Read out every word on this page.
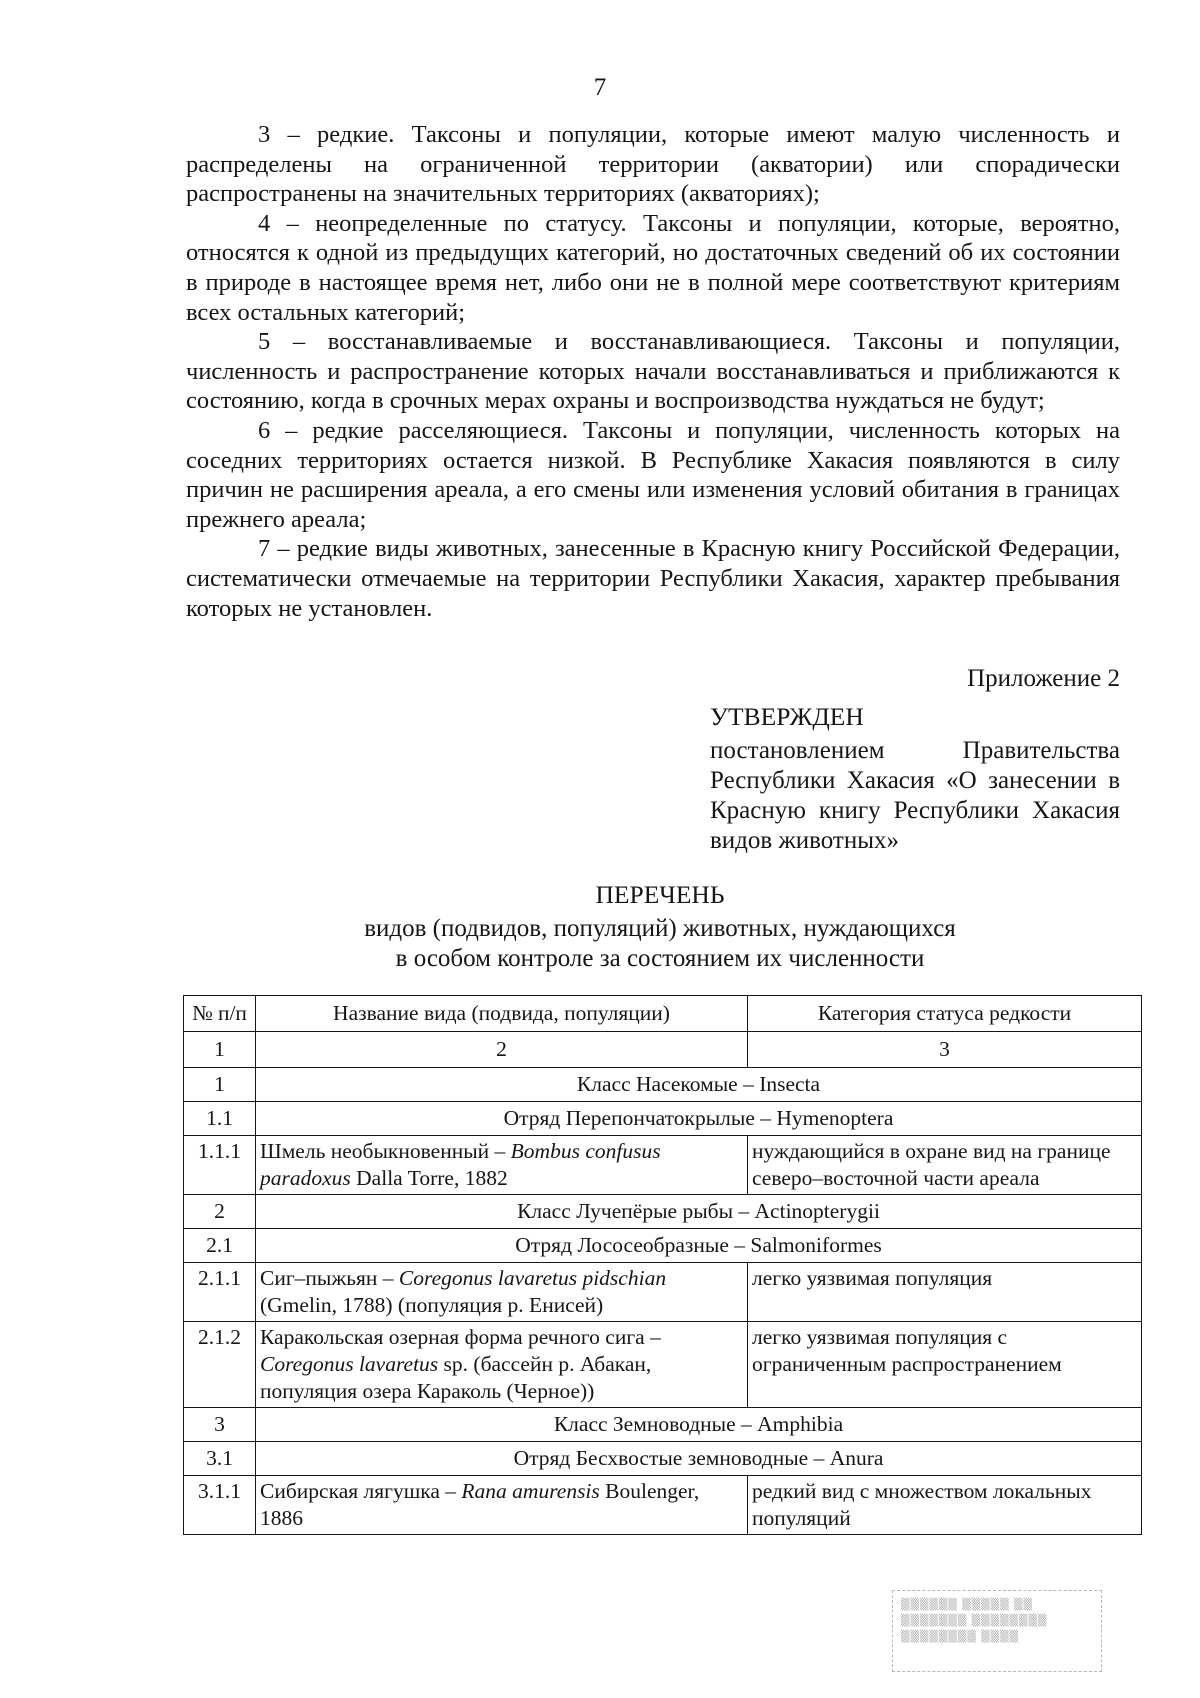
7

3 – редкие. Таксоны и популяции, которые имеют малую численность и распределены на ограниченной территории (акватории) или спорадически распространены на значительных территориях (акваториях);

4 – неопределенные по статусу. Таксоны и популяции, которые, вероятно, относятся к одной из предыдущих категорий, но достаточных сведений об их состоянии в природе в настоящее время нет, либо они не в полной мере соответствуют критериям всех остальных категорий;

5 – восстанавливаемые и восстанавливающиеся. Таксоны и популяции, численность и распространение которых начали восстанавливаться и приближаются к состоянию, когда в срочных мерах охраны и воспроизводства нуждаться не будут;

6 – редкие расселяющиеся. Таксоны и популяции, численность которых на соседних территориях остается низкой. В Республике Хакасия появляются в силу причин не расширения ареала, а его смены или изменения условий обитания в границах прежнего ареала;

7 – редкие виды животных, занесенные в Красную книгу Российской Федерации, систематически отмечаемые на территории Республики Хакасия, характер пребывания которых не установлен.

Приложение 2
УТВЕРЖДЕН
постановлением Правительства Республики Хакасия «О занесении в Красную книгу Республики Хакасия видов животных»
ПЕРЕЧЕНЬ
видов (подвидов, популяций) животных, нуждающихся
в особом контроле за состоянием их численности
№ п/п	Название вида (подвида, популяции)	Категория статуса редкости
1	2	3
1	Класс Насекомые – Insecta	
1.1	Отряд Перепончатокрылые – Hymenoptera	
1.1.1	Шмель необыкновенный – Bombus confusus paradoxus Dalla Torre, 1882	нуждающийся в охране вид на границе северо–восточной части ареала
2	Класс Лучепёрые рыбы – Actinopterygii	
2.1	Отряд Лососеобразные – Salmoniformes	
2.1.1	Сиг–пыжьян – Coregonus lavaretus pidschian (Gmelin, 1788) (популяция р. Енисей)	легко уязвимая популяция
2.1.2	Каракольская озерная форма речного сига – Coregonus lavaretus sp. (бассейн р. Абакан, популяция озера Караколь (Черное))	легко уязвимая популяция с ограниченным распространением
3	Класс Земноводные – Amphibia	
3.1	Отряд Бесхвостые земноводные – Anura	
3.1.1	Сибирская лягушка – Rana amurensis Boulenger, 1886	редкий вид с множеством локальных популяций
▒▒▒▒▒▒ ▒▒▒▒▒ ▒▒
▒▒▒▒▒▒▒ ▒▒▒▒▒▒▒▒
▒▒▒▒▒▒▒▒ ▒▒▒▒
